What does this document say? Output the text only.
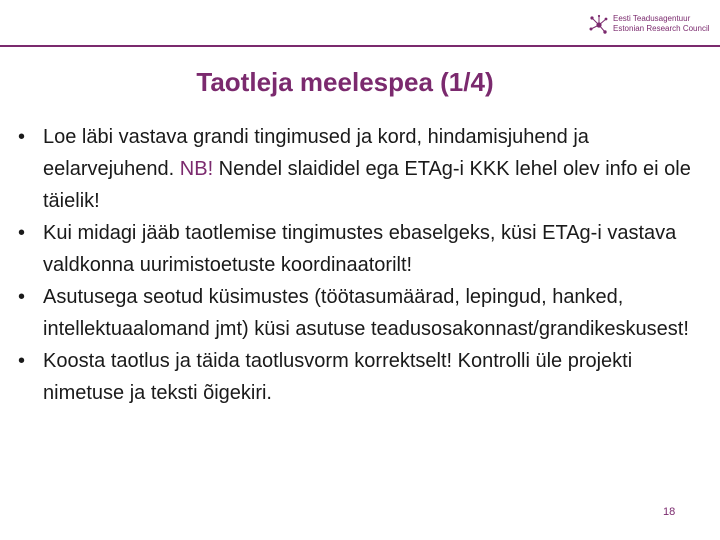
Eesti Teadusagentuur
Estonian Research Council
Taotleja meelespea (1/4)
• Loe läbi vastava grandi tingimused ja kord, hindamisjuhend ja eelarvejuhend. NB! Nendel slaididel ega ETAg-i KKK lehel olev info ei ole täielik!
• Kui midagi jääb taotlemise tingimustes ebaselgeks, küsi ETAg-i vastava valdkonna uurimistoetuste koordinaatorilt!
• Asutusega seotud küsimustes (töötasumäärad, lepingud, hanked, intellektuaalomand jmt) küsi asutuse teadusosakonnast/grandikeskusest!
• Koosta taotlus ja täida taotlusvorm korrektselt! Kontrolli üle projekti nimetuse ja teksti õigekiri.
18
